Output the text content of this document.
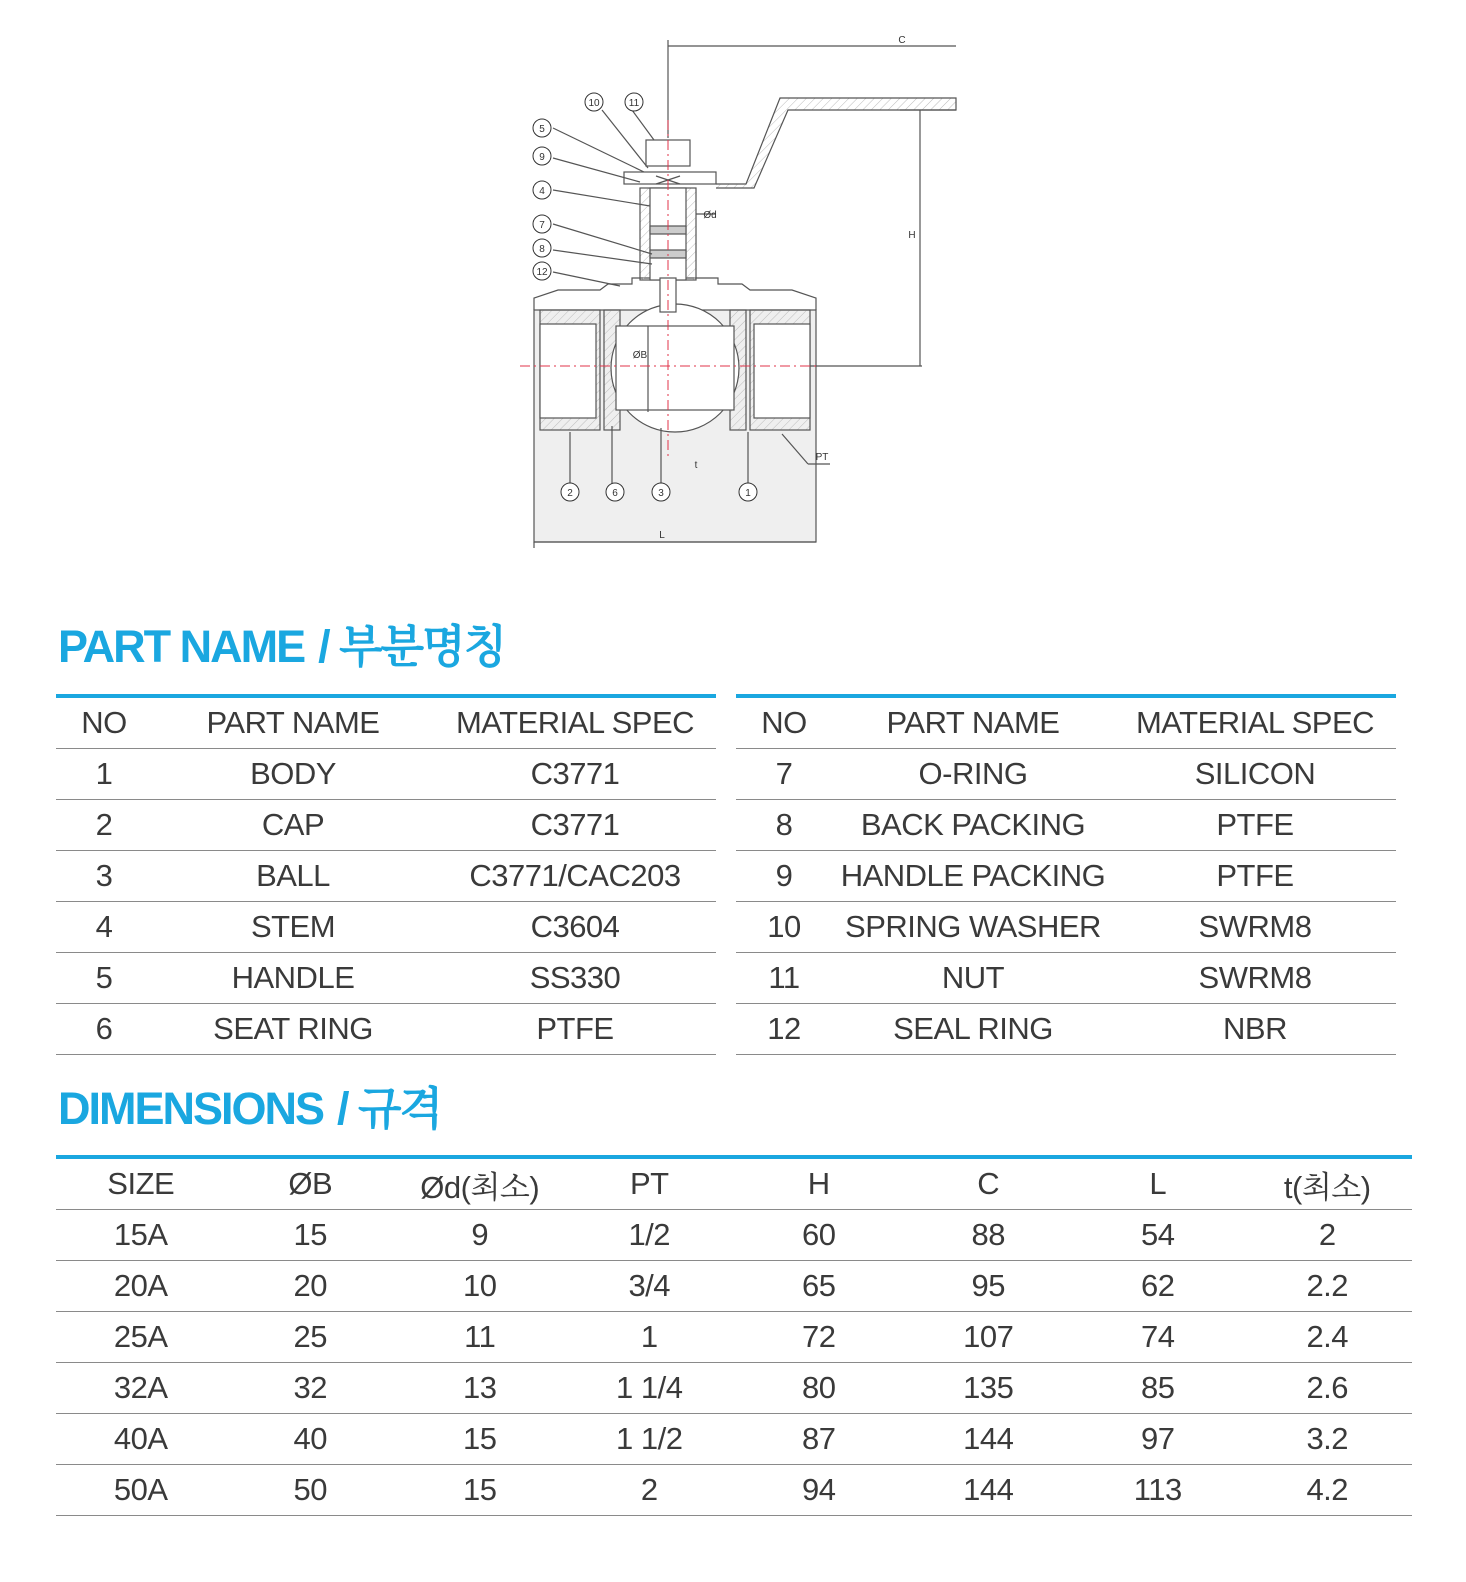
10	11
5
9
4
7
8
12
2	6	3	1
C
H
Ød
ØB
PT
L
t
PART NAME / 부분명칭
NO	PART NAME	MATERIAL SPEC
1	BODY	C3771
2	CAP	C3771
3	BALL	C3771/CAC203
4	STEM	C3604
5	HANDLE	SS330
6	SEAT RING	PTFE
NO	PART NAME	MATERIAL SPEC
7	O-RING	SILICON
8	BACK PACKING	PTFE
9	HANDLE PACKING	PTFE
10	SPRING WASHER	SWRM8
11	NUT	SWRM8
12	SEAL RING	NBR
DIMENSIONS / 규격
SIZE	ØB	Ød(최소)	PT	H	C	L	t(최소)
15A	15	9	1/2	60	88	54	2
20A	20	10	3/4	65	95	62	2.2
25A	25	11	1	72	107	74	2.4
32A	32	13	1 1/4	80	135	85	2.6
40A	40	15	1 1/2	87	144	97	3.2
50A	50	15	2	94	144	113	4.2
